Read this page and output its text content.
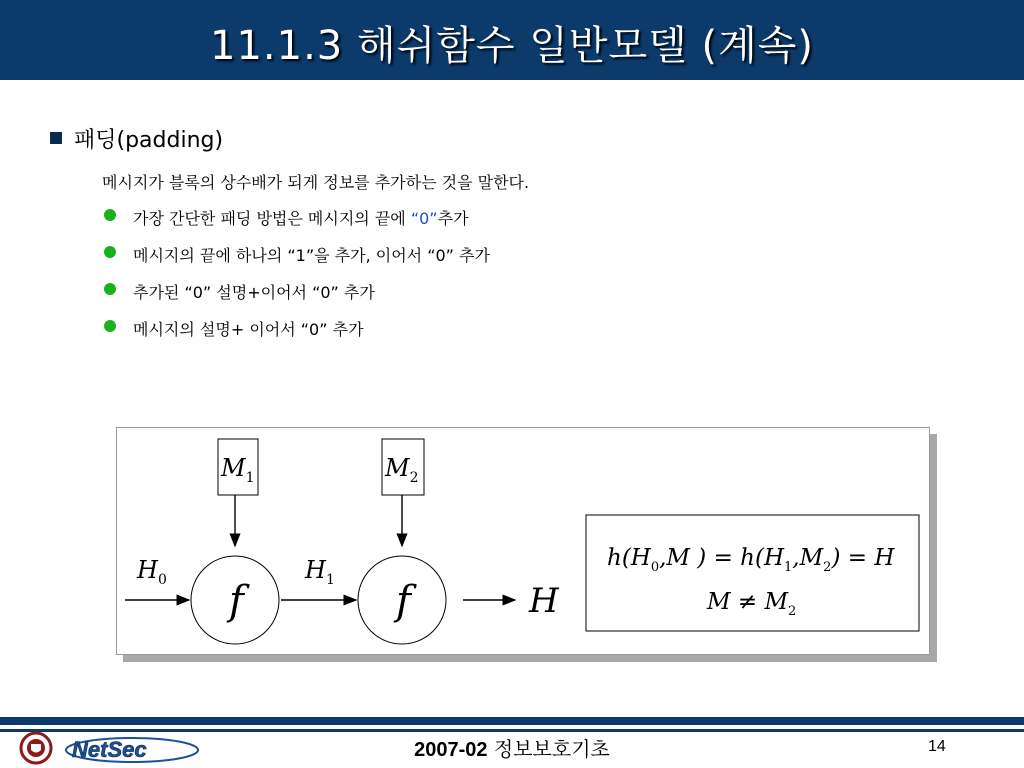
11.1.3 해쉬함수 일반모델 (계속)
패딩(padding)
메시지가 블록의 상수배가 되게 정보를 추가하는 것을 말한다.
가장 간단한 패딩 방법은 메시지의 끝에 “0”추가
메시지의 끝에 하나의 “1”을 추가, 이어서 “0” 추가
추가된 “0” 설명+이어서 “0” 추가
메시지의 설명+ 이어서 “0” 추가
$M_1$	$M_2$
f	f
$H_0$	$H_1$
H
$h(H_0,M$ ) = $h(H_1,M_2) = H$
$M \ne M_2$
NetSec	2007-02 정보보호기초	14
